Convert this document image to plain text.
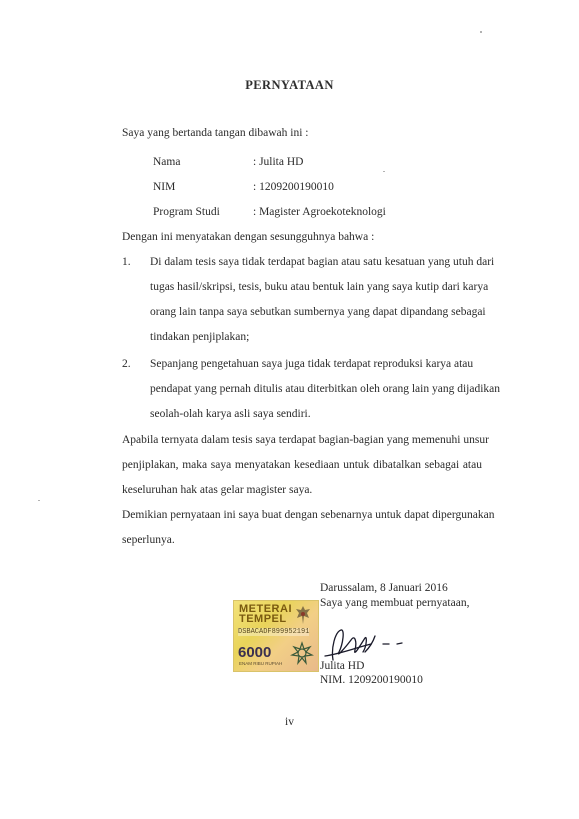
PERNYATAAN
Saya yang bertanda tangan dibawah ini :
Nama	: Julita HD
NIM	: 1209200190010
Program Studi	: Magister Agroekoteknologi
Dengan ini menyatakan dengan sesungguhnya bahwa :
1. Di dalam tesis saya tidak terdapat bagian atau satu kesatuan yang utuh dari
tugas hasil/skripsi, tesis, buku atau bentuk lain yang saya kutip dari karya
orang lain tanpa saya sebutkan sumbernya yang dapat dipandang sebagai
tindakan penjiplakan;
2. Sepanjang pengetahuan saya juga tidak terdapat reproduksi karya atau
pendapat yang pernah ditulis atau diterbitkan oleh orang lain yang dijadikan
seolah-olah karya asli saya sendiri.
Apabila ternyata dalam tesis saya terdapat bagian-bagian yang memenuhi unsur
penjiplakan, maka saya menyatakan kesediaan untuk dibatalkan sebagai atau
keseluruhan hak atas gelar magister saya.
Demikian pernyataan ini saya buat dengan sebenarnya untuk dapat dipergunakan
seperlunya.
Darussalam, 8 Januari 2016
Saya yang membuat pernyataan,
METERAI
TEMPEL
DSBACADF899952191
6000
ENAM RIBU RUPIAH	Julita HD
NIM. 1209200190010
iv
